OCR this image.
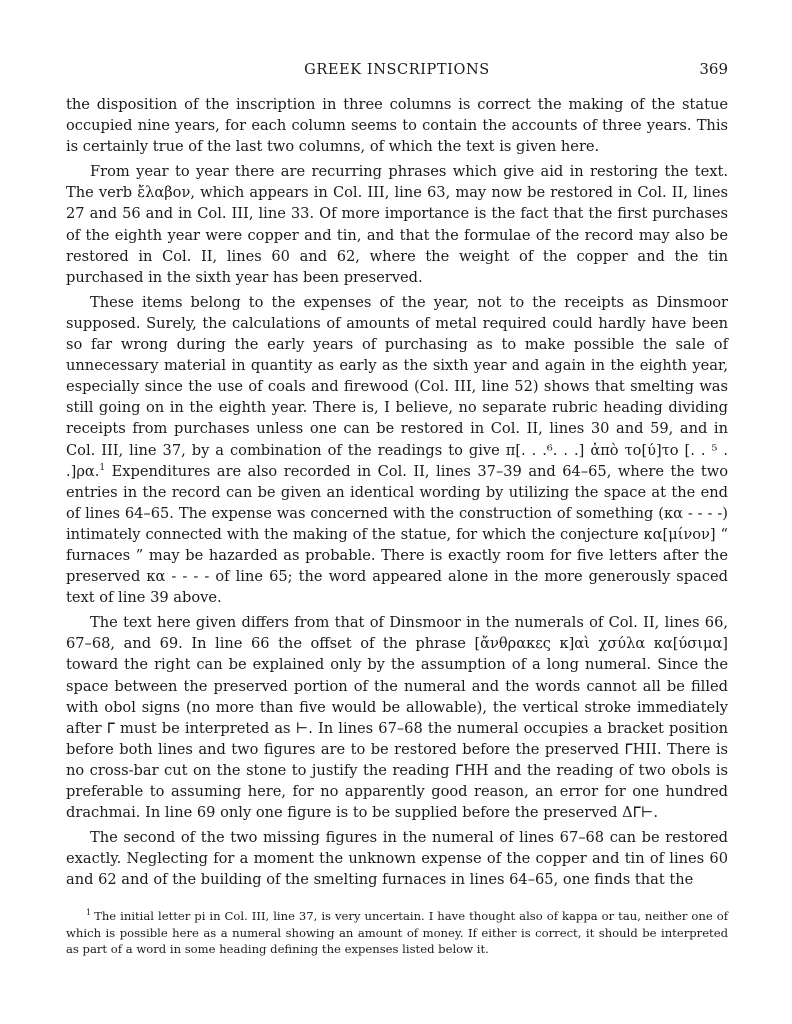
GREEK INSCRIPTIONS	369

the disposition of the inscription in three columns is correct the making of the statue occupied nine years, for each column seems to contain the accounts of three years. This is certainly true of the last two columns, of which the text is given here.

From year to year there are recurring phrases which give aid in restoring the text. The verb ἔλαβον, which appears in Col. III, line 63, may now be restored in Col. II, lines 27 and 56 and in Col. III, line 33. Of more importance is the fact that the first purchases of the eighth year were copper and tin, and that the formulae of the record may also be restored in Col. II, lines 60 and 62, where the weight of the copper and the tin purchased in the sixth year has been preserved.

These items belong to the expenses of the year, not to the receipts as Dinsmoor supposed. Surely, the calculations of amounts of metal required could hardly have been so far wrong during the early years of purchasing as to make possible the sale of unnecessary material in quantity as early as the sixth year and again in the eighth year, especially since the use of coals and firewood (Col. III, line 52) shows that smelting was still going on in the eighth year. There is, I believe, no separate rubric heading dividing receipts from purchases unless one can be restored in Col. II, lines 30 and 59, and in Col. III, line 37, by a combination of the readings to give π[. . .⁶. . .] ἀπὸ το[ύ]το [. . ⁵ . .]ρα.$^1$ Expenditures are also recorded in Col. II, lines 37–39 and 64–65, where the two entries in the record can be given an identical wording by utilizing the space at the end of lines 64–65. The expense was concerned with the construction of something (κα - - - -) intimately connected with the making of the statue, for which the conjecture κα[μίνον] “ furnaces ” may be hazarded as probable. There is exactly room for five letters after the preserved κα - - - - of line 65; the word appeared alone in the more generously spaced text of line 39 above.

The text here given differs from that of Dinsmoor in the numerals of Col. II, lines 66, 67–68, and 69. In line 66 the offset of the phrase [ἄνθρακες κ]αὶ χσύλα κα[ύσιμα] toward the right can be explained only by the assumption of a long numeral. Since the space between the preserved portion of the numeral and the words cannot all be filled with obol signs (no more than five would be allowable), the vertical stroke immediately after ᒥ must be interpreted as ⊢. In lines 67–68 the numeral occupies a bracket position before both lines and two figures are to be restored before the preserved ᒥHII. There is no cross-bar cut on the stone to justify the reading ᒥHH and the reading of two obols is preferable to assuming here, for no apparently good reason, an error for one hundred drachmai. In line 69 only one figure is to be supplied before the preserved Δᒥ⊢.

The second of the two missing figures in the numeral of lines 67–68 can be restored exactly. Neglecting for a moment the unknown expense of the copper and tin of lines 60 and 62 and of the building of the smelting furnaces in lines 64–65, one finds that the

$^1$ The initial letter pi in Col. III, line 37, is very uncertain. I have thought also of kappa or tau, neither one of which is possible here as a numeral showing an amount of money. If either is correct, it should be interpreted as part of a word in some heading defining the expenses listed below it.
